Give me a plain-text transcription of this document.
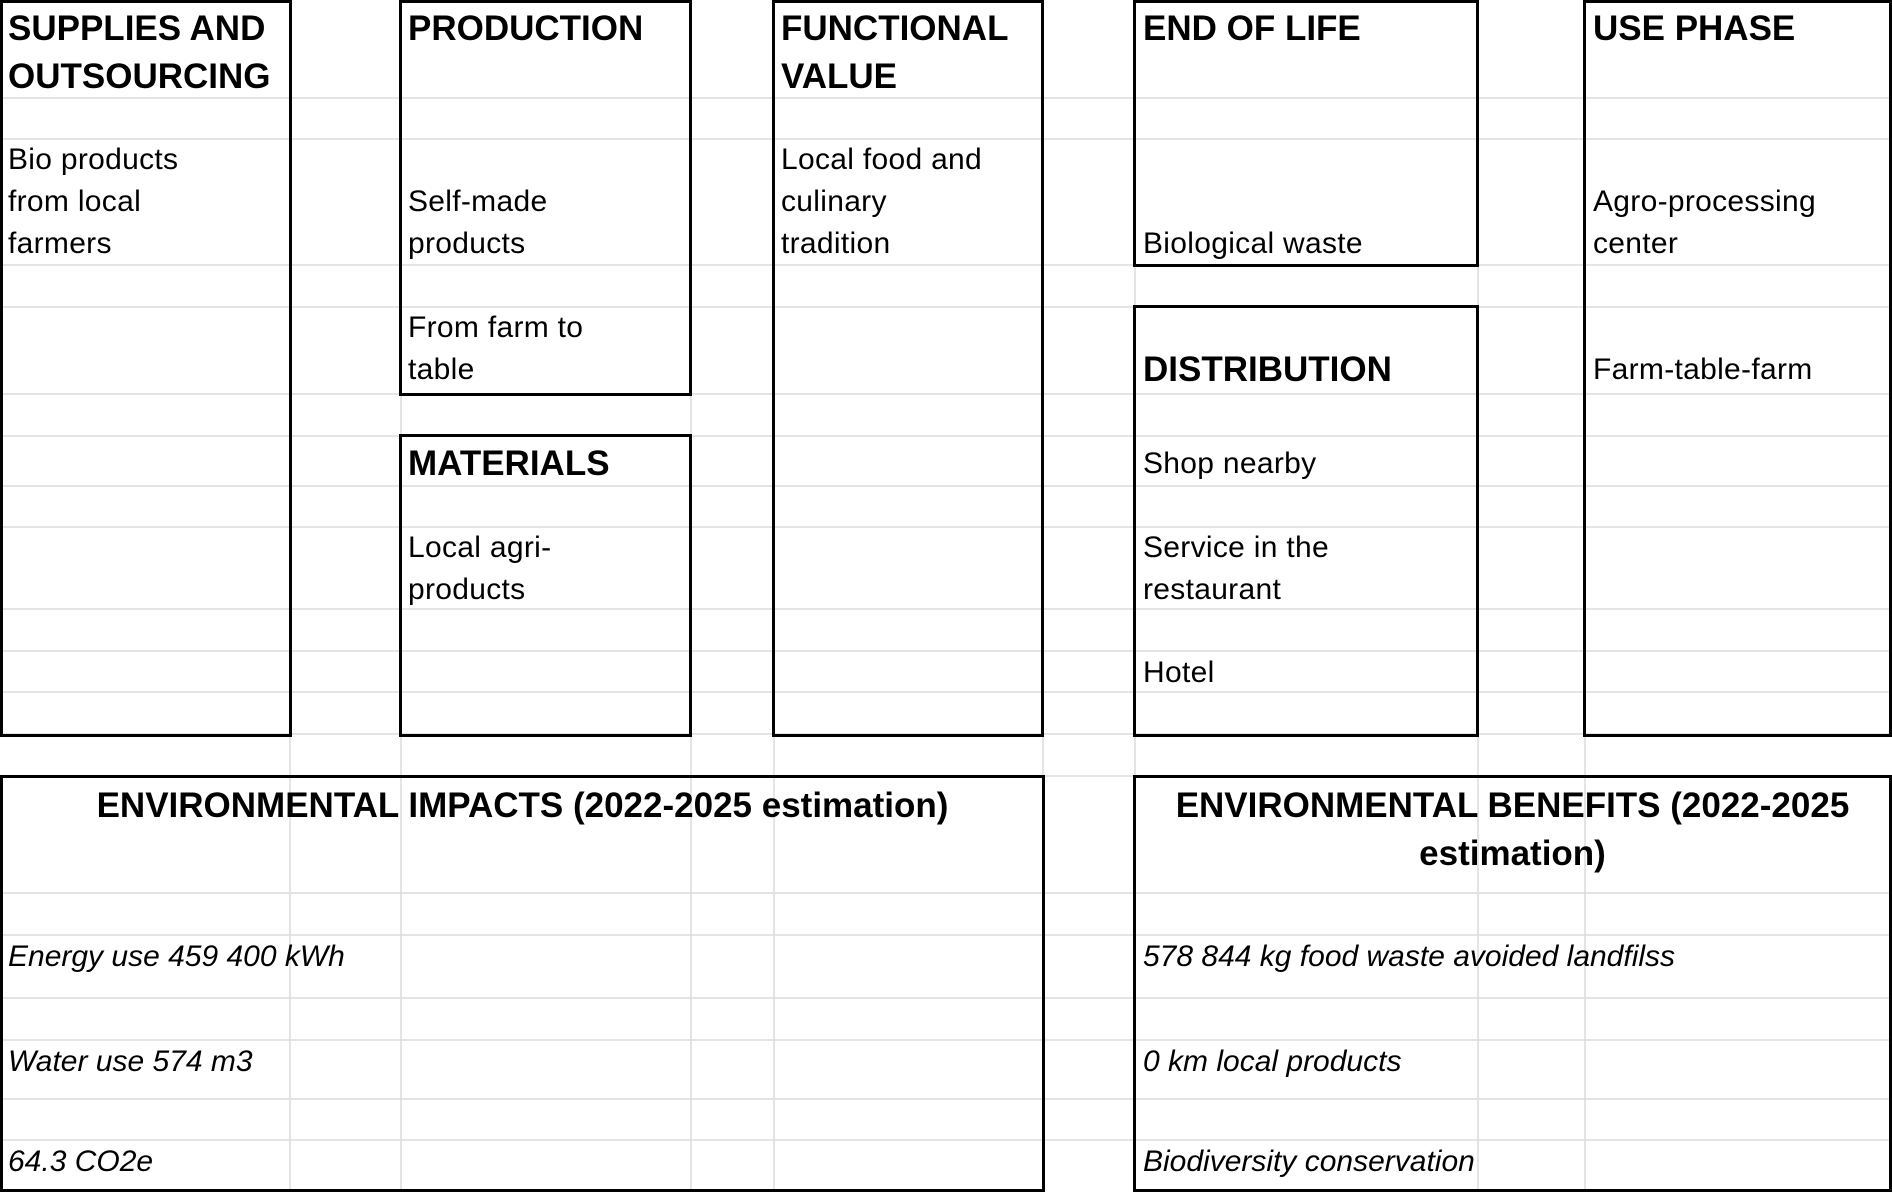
SUPPLIES AND
OUTSOURCING
Bio products
from local
farmers
PRODUCTION
Self-made
products
From farm to
table
MATERIALS
Local agri-
products
FUNCTIONAL
VALUE
Local food and
culinary
tradition
END OF LIFE
Biological waste
DISTRIBUTION
Shop nearby
Service in the
restaurant
Hotel
USE PHASE
Agro-processing
center
Farm-table-farm
ENVIRONMENTAL IMPACTS (2022-2025 estimation)
Energy use 459 400 kWh
Water use 574 m3
64.3 CO2e
ENVIRONMENTAL BENEFITS (2022-2025
estimation)
578 844 kg food waste avoided landfilss
0 km local products
Biodiversity conservation
